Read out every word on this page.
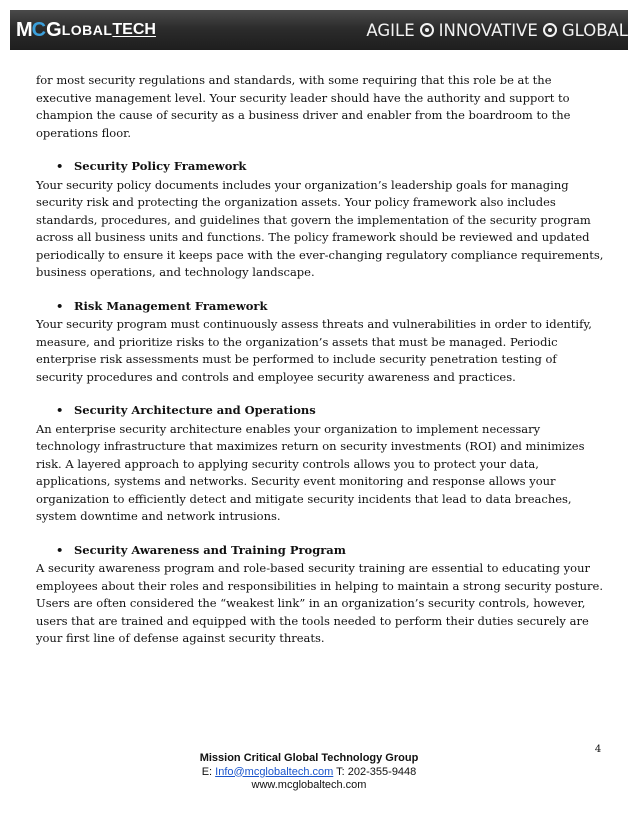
M C G LOBAL TECH	AGILE INNOVATIVE GLOBAL

for most security regulations and standards, with some requiring that this role be at the executive management level. Your security leader should have the authority and support to champion the cause of security as a business driver and enabler from the boardroom to the operations floor.

• Security Policy Framework

Your security policy documents includes your organization’s leadership goals for managing security risk and protecting the organization assets. Your policy framework also includes standards, procedures, and guidelines that govern the implementation of the security program across all business units and functions. The policy framework should be reviewed and updated periodically to ensure it keeps pace with the ever-changing regulatory compliance requirements, business operations, and technology landscape.

• Risk Management Framework

Your security program must continuously assess threats and vulnerabilities in order to identify, measure, and prioritize risks to the organization’s assets that must be managed. Periodic enterprise risk assessments must be performed to include security penetration testing of security procedures and controls and employee security awareness and practices.

• Security Architecture and Operations

An enterprise security architecture enables your organization to implement necessary technology infrastructure that maximizes return on security investments (ROI) and minimizes risk. A layered approach to applying security controls allows you to protect your data, applications, systems and networks. Security event monitoring and response allows your organization to efficiently detect and mitigate security incidents that lead to data breaches, system downtime and network intrusions.

• Security Awareness and Training Program

A security awareness program and role-based security training are essential to educating your employees about their roles and responsibilities in helping to maintain a strong security posture. Users are often considered the “weakest link” in an organization’s security controls, however, users that are trained and equipped with the tools needed to perform their duties securely are your first line of defense against security threats.

4
Mission Critical Global Technology Group
E: Info@mcglobaltech.com T: 202-355-9448
www.mcglobaltech.com
